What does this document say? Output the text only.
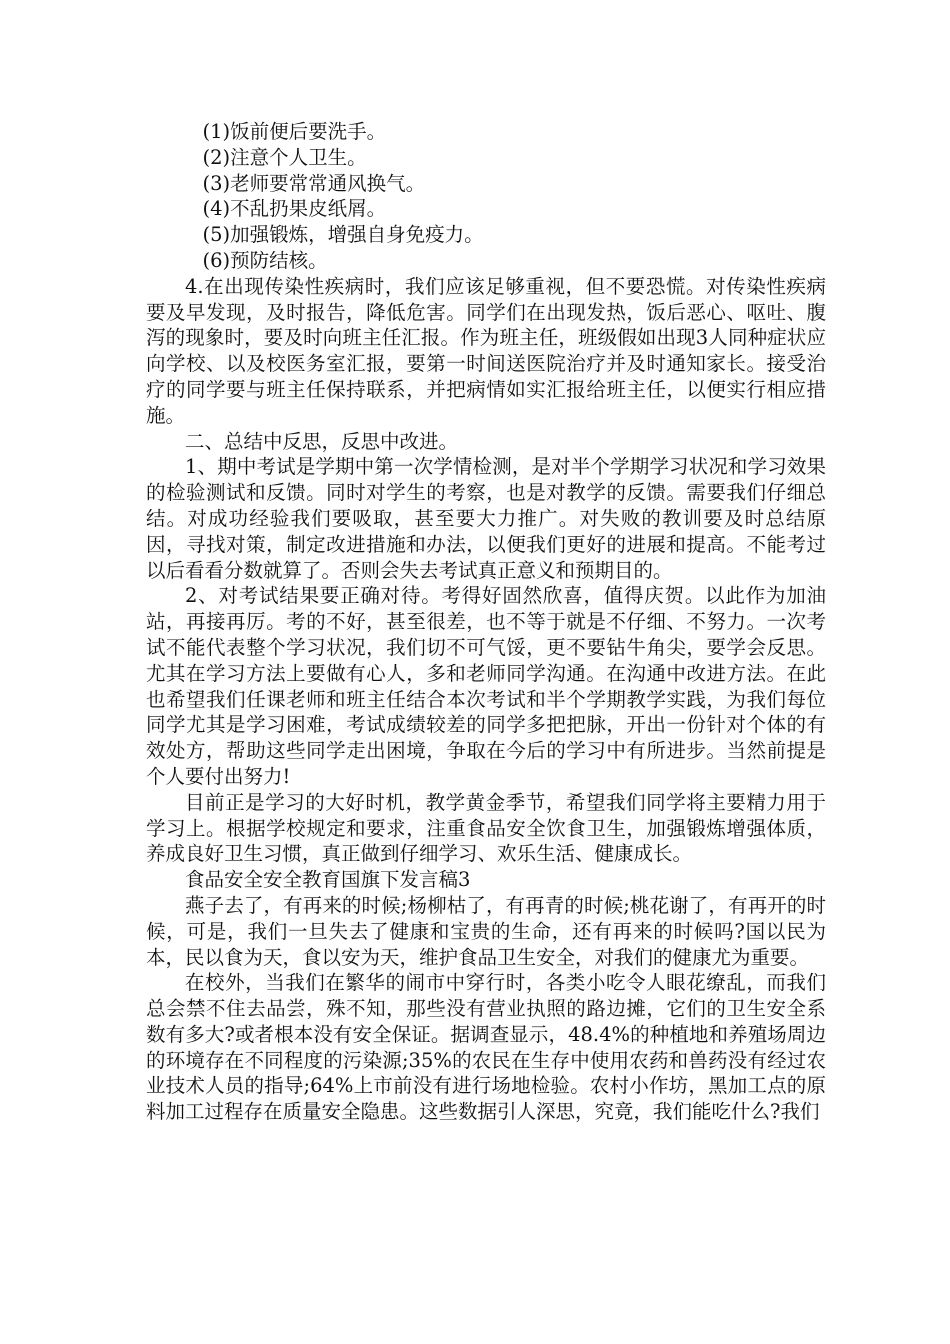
(1)饭前便后要洗手。

(2)注意个人卫生。

(3)老师要常常通风换气。

(4)不乱扔果皮纸屑。

(5)加强锻炼，增强自身免疫力。

(6)预防结核。

4.在出现传染性疾病时，我们应该足够重视，但不要恐慌。对传染性疾病要及早发现，及时报告，降低危害。同学们在出现发热，饭后恶心、呕吐、腹泻的现象时，要及时向班主任汇报。作为班主任，班级假如出现3人同种症状应向学校、以及校医务室汇报，要第一时间送医院治疗并及时通知家长。接受治疗的同学要与班主任保持联系，并把病情如实汇报给班主任，以便实行相应措施。

二、总结中反思，反思中改进。

1、期中考试是学期中第一次学情检测，是对半个学期学习状况和学习效果的检验测试和反馈。同时对学生的考察，也是对教学的反馈。需要我们仔细总结。对成功经验我们要吸取，甚至要大力推广。对失败的教训要及时总结原因，寻找对策，制定改进措施和办法，以便我们更好的进展和提高。不能考过以后看看分数就算了。否则会失去考试真正意义和预期目的。

2、对考试结果要正确对待。考得好固然欣喜，值得庆贺。以此作为加油站，再接再厉。考的不好，甚至很差，也不等于就是不仔细、不努力。一次考试不能代表整个学习状况，我们切不可气馁，更不要钻牛角尖，要学会反思。尤其在学习方法上要做有心人，多和老师同学沟通。在沟通中改进方法。在此也希望我们任课老师和班主任结合本次考试和半个学期教学实践，为我们每位同学尤其是学习困难，考试成绩较差的同学多把把脉，开出一份针对个体的有效处方，帮助这些同学走出困境，争取在今后的学习中有所进步。当然前提是个人要付出努力!

目前正是学习的大好时机，教学黄金季节，希望我们同学将主要精力用于学习上。根据学校规定和要求，注重食品安全饮食卫生，加强锻炼增强体质，养成良好卫生习惯，真正做到仔细学习、欢乐生活、健康成长。

食品安全安全教育国旗下发言稿3

燕子去了，有再来的时候;杨柳枯了，有再青的时候;桃花谢了，有再开的时候，可是，我们一旦失去了健康和宝贵的生命，还有再来的时候吗?国以民为本，民以食为天，食以安为天，维护食品卫生安全，对我们的健康尤为重要。

在校外，当我们在繁华的闹市中穿行时，各类小吃令人眼花缭乱，而我们总会禁不住去品尝，殊不知，那些没有营业执照的路边摊，它们的卫生安全系数有多大?或者根本没有安全保证。据调查显示，48.4%的种植地和养殖场周边的环境存在不同程度的污染源;35%的农民在生存中使用农药和兽药没有经过农业技术人员的指导;64%上市前没有进行场地检验。农村小作坊，黑加工点的原料加工过程存在质量安全隐患。这些数据引人深思，究竟，我们能吃什么?我们
